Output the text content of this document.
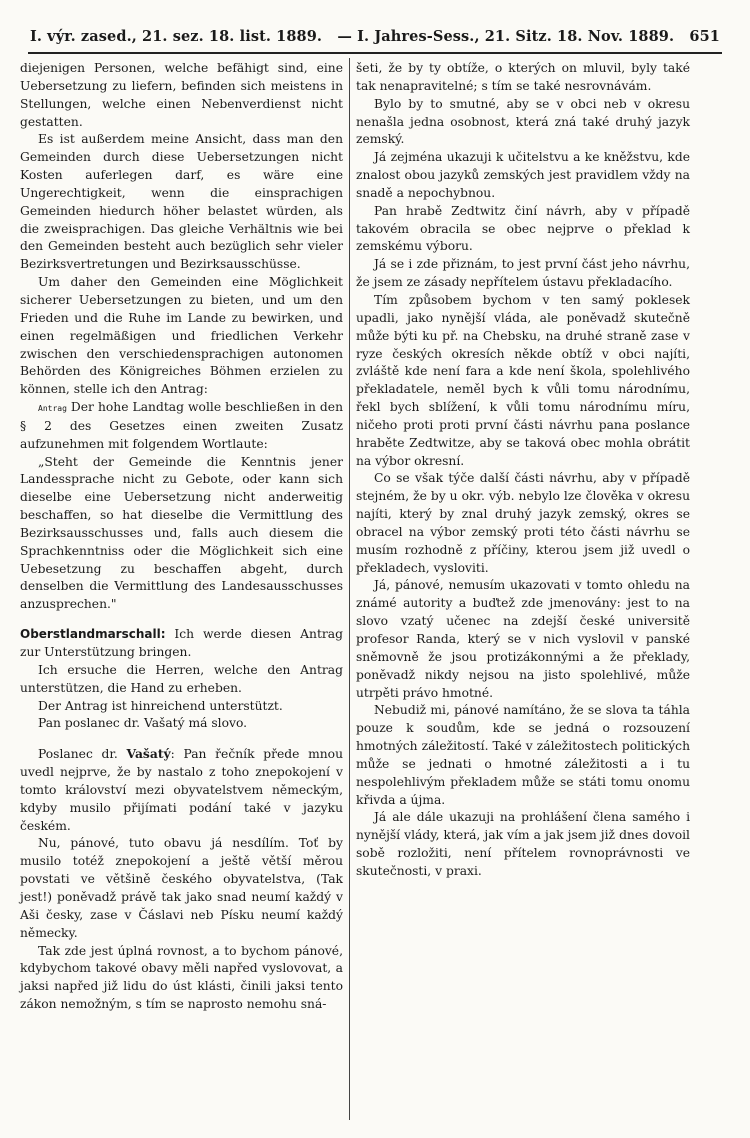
I. výr. zased., 21. sez. 18. list. 1889. — I. Jahres-Sess., 21. Sitz. 18. Nov. 1889. 651

diejenigen Personen, welche befähigt sind, eine Uebersetzung zu liefern, befinden sich meistens in Stellungen, welche einen Nebenverdienst nicht gestatten.

Es ist außerdem meine Ansicht, dass man den Gemeinden durch diese Uebersetzungen nicht Kosten auferlegen darf, es wäre eine Ungerechtigkeit, wenn die einsprachigen Gemeinden hiedurch höher belastet würden, als die zweisprachigen. Das gleiche Verhältnis wie bei den Gemeinden besteht auch bezüglich sehr vieler Bezirksvertretungen und Bezirksausschüsse.

Um daher den Gemeinden eine Möglichkeit sicherer Uebersetzungen zu bieten, und um den Frieden und die Ruhe im Lande zu bewirken, und einen regelmäßigen und friedlichen Verkehr zwischen den verschiedensprachigen autonomen Behörden des Königreiches Böhmen erzielen zu können, stelle ich den Antrag:

Antrag Der hohe Landtag wolle beschließen in den § 2 des Gesetzes einen zweiten Zusatz aufzunehmen mit folgendem Wortlaute:

„Steht der Gemeinde die Kenntnis jener Landessprache nicht zu Gebote, oder kann sich dieselbe eine Uebersetzung nicht anderweitig beschaffen, so hat dieselbe die Vermittlung des Bezirksausschusses und, falls auch diesem die Sprachkenntniss oder die Möglichkeit sich eine Uebesetzung zu beschaffen abgeht, durch denselben die Vermittlung des Landesausschusses anzusprechen."

Oberstlandmarschall: Ich werde diesen Antrag zur Unterstützung bringen.

Ich ersuche die Herren, welche den Antrag unterstützen, die Hand zu erheben.

Der Antrag ist hinreichend unterstützt.

Pan poslanec dr. Vašatý má slovo.

Poslanec dr. Vašatý: Pan řečník přede mnou uvedl nejprve, že by nastalo z toho znepokojení v tomto království mezi obyvatelstvem německým, kdyby musilo přijímati podání také v jazyku českém.

Nu, pánové, tuto obavu já nesdílím. Toť by musilo totéž znepokojení a ještě větší měrou povstati ve většině českého obyvatelstva, (Tak jest!) poněvadž právě tak jako snad neumí každý v Aši česky, zase v Čáslavi neb Písku neumí každý německy.

Tak zde jest úplná rovnost, a to bychom pánové, kdybychom takové obavy měli napřed vyslovovat, a jaksi napřed již lidu do úst klásti, činili jaksi tento zákon nemožným, s tím se naprosto nemohu sná-

šeti, že by ty obtíže, o kterých on mluvil, byly také tak nenapravitelné; s tím se také nesrovnávám.

Bylo by to smutné, aby se v obci neb v okresu nenašla jedna osobnost, která zná také druhý jazyk zemský.

Já zejména ukazuji k učitelstvu a ke kněžstvu, kde znalost obou jazyků zemských jest pravidlem vždy na snadě a nepochybnou.

Pan hrabě Zedtwitz činí návrh, aby v případě takovém obracila se obec nejprve o překlad k zemskému výboru.

Já se i zde přiznám, to jest první část jeho návrhu, že jsem ze zásady nepřítelem ústavu překladacího.

Tím způsobem bychom v ten samý poklesek upadli, jako nynější vláda, ale poněvadž skutečně může býti ku př. na Chebsku, na druhé straně zase v ryze českých okresích někde obtíž v obci najíti, zvláště kde není fara a kde není škola, spolehlivého překladatele, neměl bych k vůli tomu národnímu, řekl bych sblížení, k vůli tomu národnímu míru, ničeho proti proti první části návrhu pana poslance hraběte Zedtwitze, aby se taková obec mohla obrátit na výbor okresní.

Co se však týče další části návrhu, aby v případě stejném, že by u okr. výb. nebylo lze člověka v okresu najíti, který by znal druhý jazyk zemský, okres se obracel na výbor zemský proti této části návrhu se musím rozhodně z příčiny, kterou jsem již uvedl o překladech, vysloviti.

Já, pánové, nemusím ukazovati v tomto ohledu na známé autority a buďtež zde jmenovány: jest to na slovo vzatý učenec na zdejší české universitě profesor Randa, který se v nich vyslovil v panské sněmovně že jsou protizákonnými a že překlady, poněvadž nikdy nejsou na jisto spolehlivé, může utrpěti právo hmotné.

Nebudiž mi, pánové namítáno, že se slova ta táhla pouze k soudům, kde se jedná o rozsouzení hmotných záležitostí. Také v záležitostech politických může se jednati o hmotné záležitosti a i tu nespolehlivým překladem může se státi tomu onomu křivda a újma.

Já ale dále ukazuji na prohlášení člena samého i nynější vlády, která, jak vím a jak jsem již dnes dovoil sobě rozložiti, není přítelem rovnoprávnosti ve skutečnosti, v praxi.
